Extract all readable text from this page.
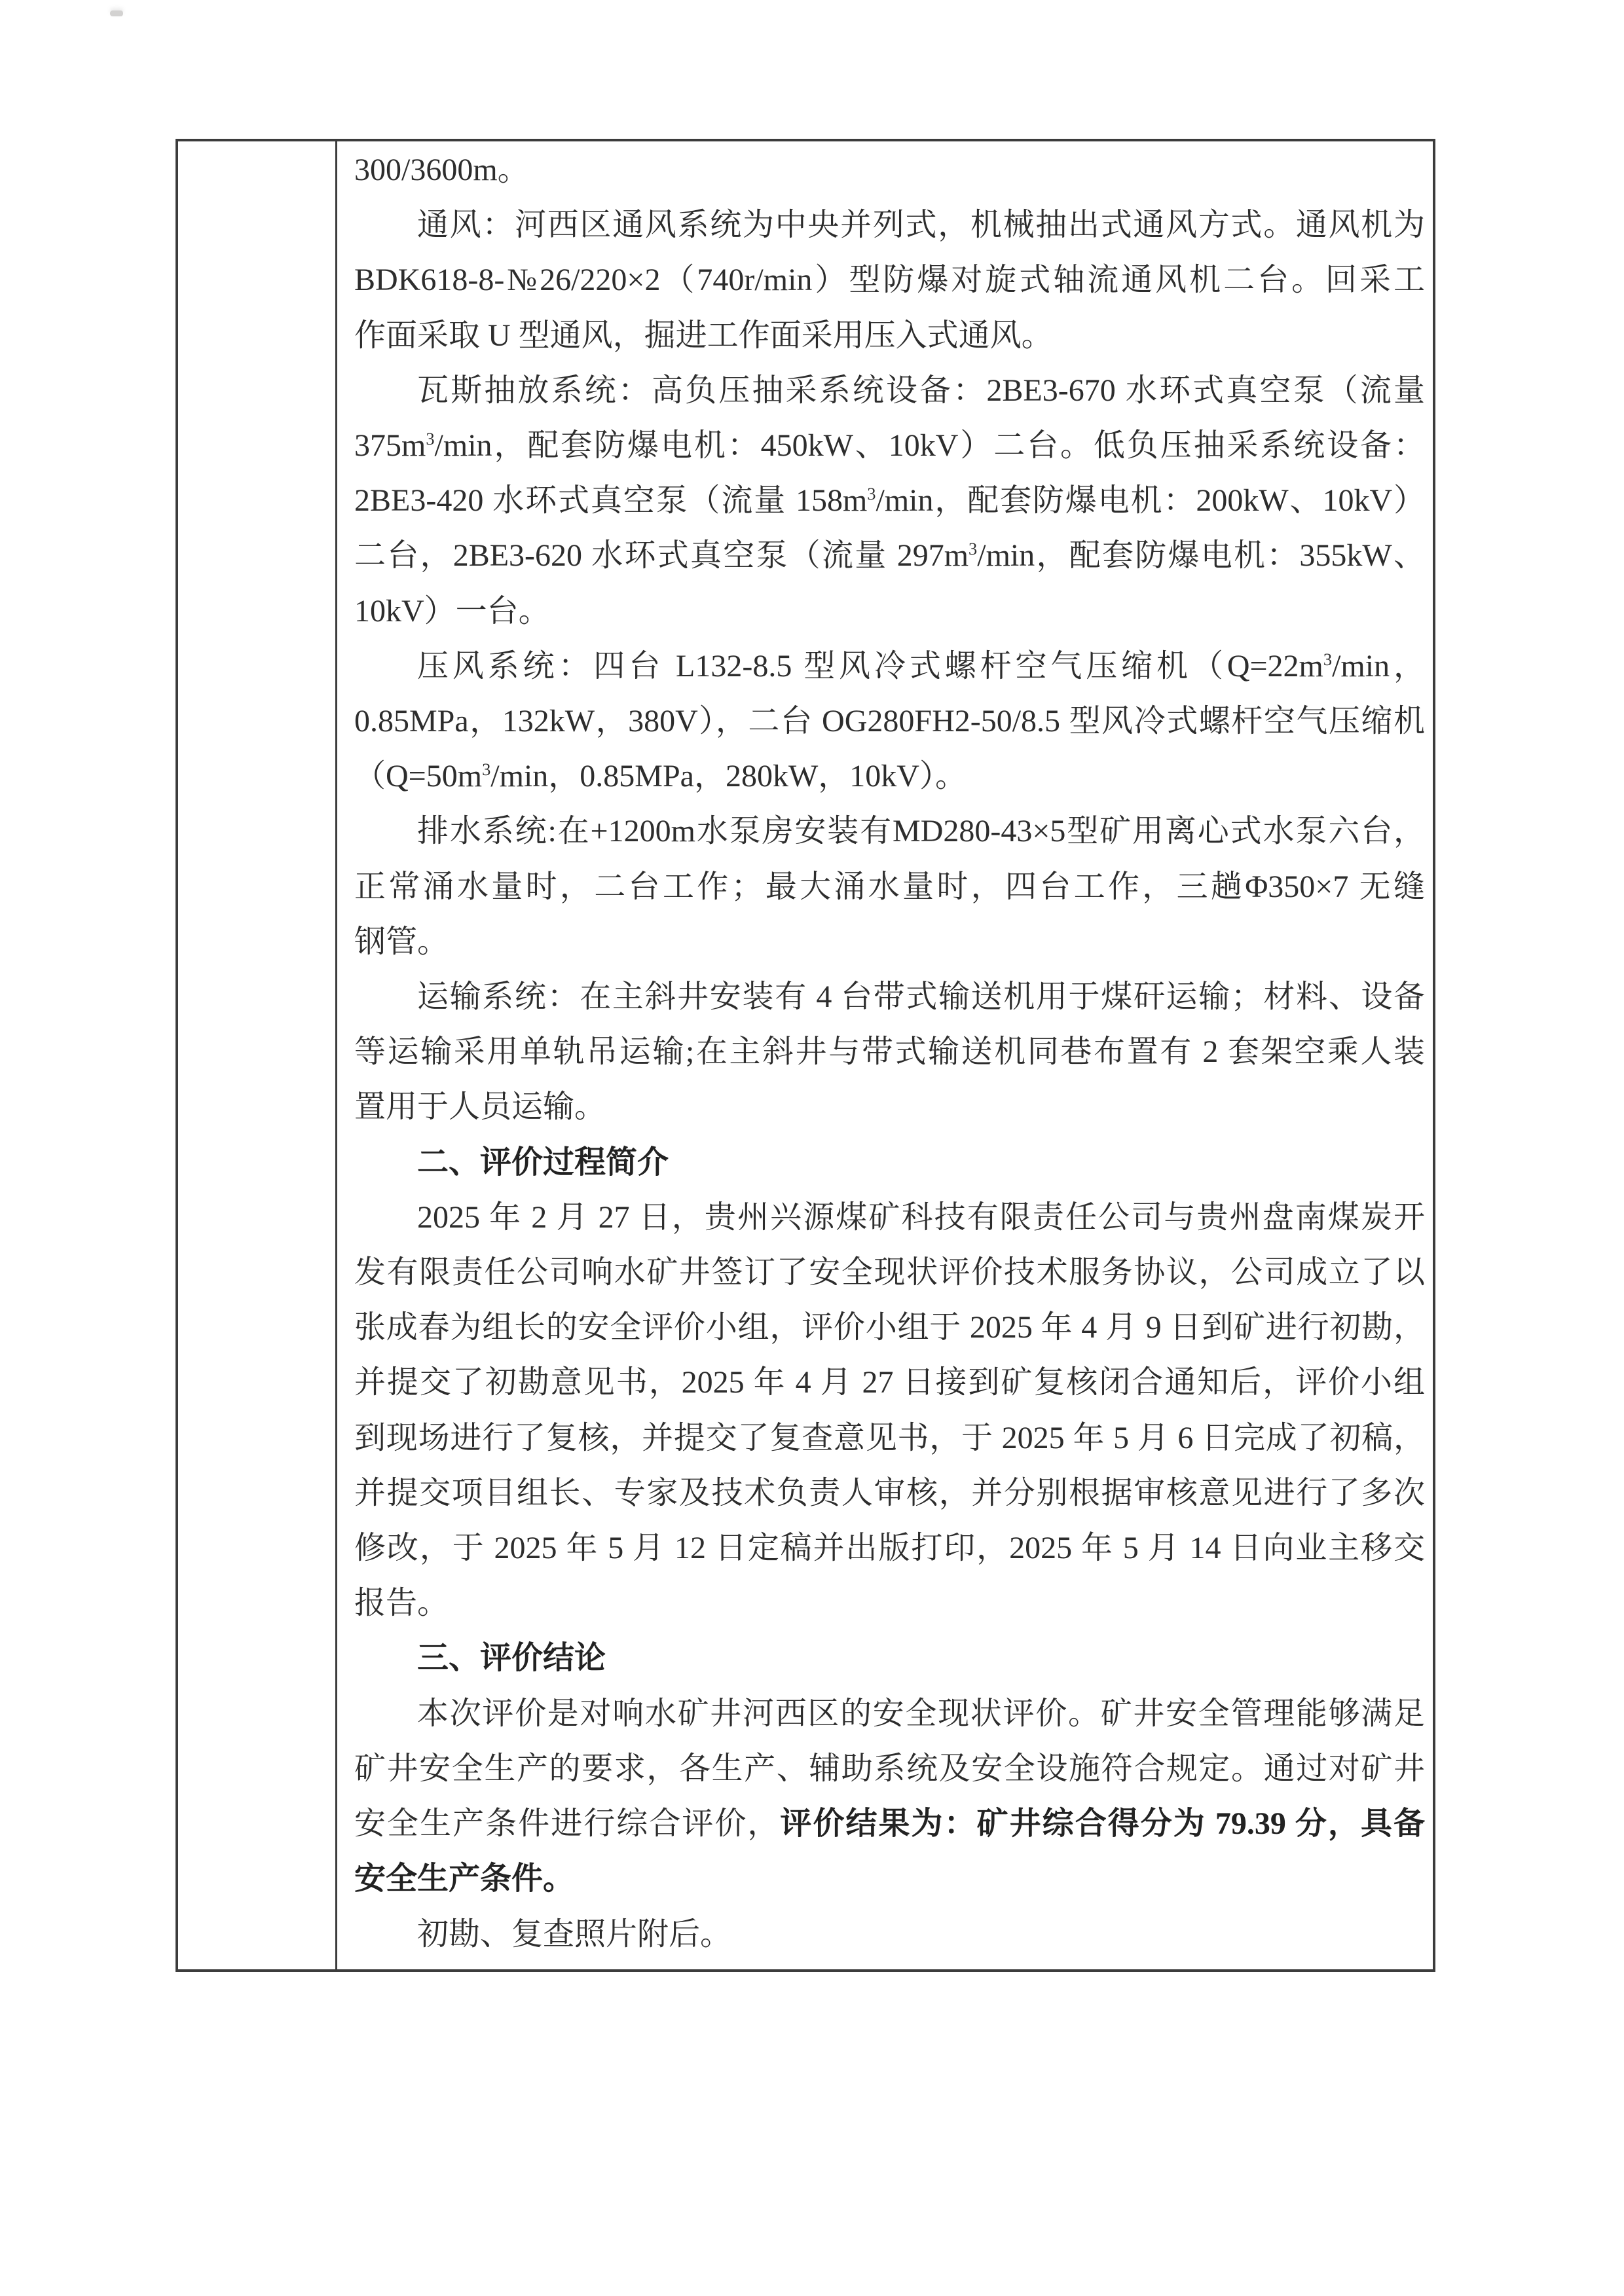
300/3600m。
通风：河西区通风系统为中央并列式，机械抽出式通风方式。通风机为
BDK618-8-№26/220×2（740r/min）型防爆对旋式轴流通风机二台。回采工
作面采取 U 型通风，掘进工作面采用压入式通风。
瓦斯抽放系统：高负压抽采系统设备：2BE3-670 水环式真空泵（流量
$375m^3/\min$，配套防爆电机：450kW、10kV）二台。低负压抽采系统设备：
2BE3-420 水环式真空泵（流量 $158m^3/\min$，配套防爆电机：200kW、10kV）
二台，2BE3-620 水环式真空泵（流量 $297m^3/\min$，配套防爆电机：355kW、
10kV）一台。
压风系统：四台 L132-8.5 型风冷式螺杆空气压缩机（$Q=22m^3/\min$，
0.85MPa，132kW，380V），二台 OG280FH2-50/8.5 型风冷式螺杆空气压缩机
（$Q=50m^3/\min$，0.85MPa，280kW，10kV）。
排水系统:在+1200m水泵房安装有MD280-43×5型矿用离心式水泵六台，
正常涌水量时，二台工作；最大涌水量时，四台工作，三趟Φ350×7 无缝
钢管。
运输系统：在主斜井安装有 4 台带式输送机用于煤矸运输；材料、设备
等运输采用单轨吊运输;在主斜井与带式输送机同巷布置有 2 套架空乘人装
置用于人员运输。
二、评价过程简介
2025 年 2 月 27 日，贵州兴源煤矿科技有限责任公司与贵州盘南煤炭开
发有限责任公司响水矿井签订了安全现状评价技术服务协议，公司成立了以
张成春为组长的安全评价小组，评价小组于 2025 年 4 月 9 日到矿进行初勘，
并提交了初勘意见书，2025 年 4 月 27 日接到矿复核闭合通知后，评价小组
到现场进行了复核，并提交了复查意见书，于 2025 年 5 月 6 日完成了初稿，
并提交项目组长、专家及技术负责人审核，并分别根据审核意见进行了多次
修改，于 2025 年 5 月 12 日定稿并出版打印，2025 年 5 月 14 日向业主移交
报告。
三、评价结论
本次评价是对响水矿井河西区的安全现状评价。矿井安全管理能够满足
矿井安全生产的要求，各生产、辅助系统及安全设施符合规定。通过对矿井
安全生产条件进行综合评价，评价结果为：矿井综合得分为 79.39 分，具备
安全生产条件。
初勘、复查照片附后。
